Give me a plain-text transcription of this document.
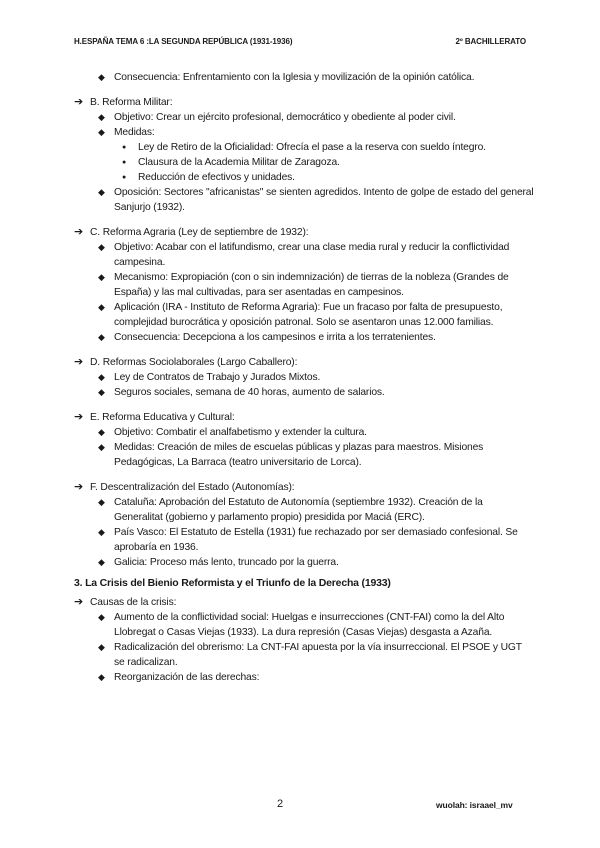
H.ESPAÑA TEMA 6 :LA SEGUNDA REPÚBLICA (1931-1936)	2º BACHILLERATO
◆ Consecuencia: Enfrentamiento con la Iglesia y movilización de la opinión católica.
➔ B. Reforma Militar:
◆ Objetivo: Crear un ejército profesional, democrático y obediente al poder civil.
◆ Medidas:
● Ley de Retiro de la Oficialidad: Ofrecía el pase a la reserva con sueldo íntegro.
● Clausura de la Academia Militar de Zaragoza.
● Reducción de efectivos y unidades.
◆ Oposición: Sectores "africanistas" se sienten agredidos. Intento de golpe de estado del general Sanjurjo (1932).
➔ C. Reforma Agraria (Ley de septiembre de 1932):
◆ Objetivo: Acabar con el latifundismo, crear una clase media rural y reducir la conflictividad campesina.
◆ Mecanismo: Expropiación (con o sin indemnización) de tierras de la nobleza (Grandes de España) y las mal cultivadas, para ser asentadas en campesinos.
◆ Aplicación (IRA - Instituto de Reforma Agraria): Fue un fracaso por falta de presupuesto, complejidad burocrática y oposición patronal. Solo se asentaron unas 12.000 familias.
◆ Consecuencia: Decepciona a los campesinos e irrita a los terratenientes.
➔ D. Reformas Sociolaborales (Largo Caballero):
◆ Ley de Contratos de Trabajo y Jurados Mixtos.
◆ Seguros sociales, semana de 40 horas, aumento de salarios.
➔ E. Reforma Educativa y Cultural:
◆ Objetivo: Combatir el analfabetismo y extender la cultura.
◆ Medidas: Creación de miles de escuelas públicas y plazas para maestros. Misiones Pedagógicas, La Barraca (teatro universitario de Lorca).
➔ F. Descentralización del Estado (Autonomías):
◆ Cataluña: Aprobación del Estatuto de Autonomía (septiembre 1932). Creación de la Generalitat (gobierno y parlamento propio) presidida por Maciá (ERC).
◆ País Vasco: El Estatuto de Estella (1931) fue rechazado por ser demasiado confesional. Se aprobaría en 1936.
◆ Galicia: Proceso más lento, truncado por la guerra.
3. La Crisis del Bienio Reformista y el Triunfo de la Derecha (1933)
➔ Causas de la crisis:
◆ Aumento de la conflictividad social: Huelgas e insurrecciones (CNT-FAI) como la del Alto Llobregat o Casas Viejas (1933). La dura represión (Casas Viejas) desgasta a Azaña.
◆ Radicalización del obrerismo: La CNT-FAI apuesta por la vía insurreccional. El PSOE y UGT se radicalizan.
◆ Reorganización de las derechas:
2	wuolah: israael_mv
